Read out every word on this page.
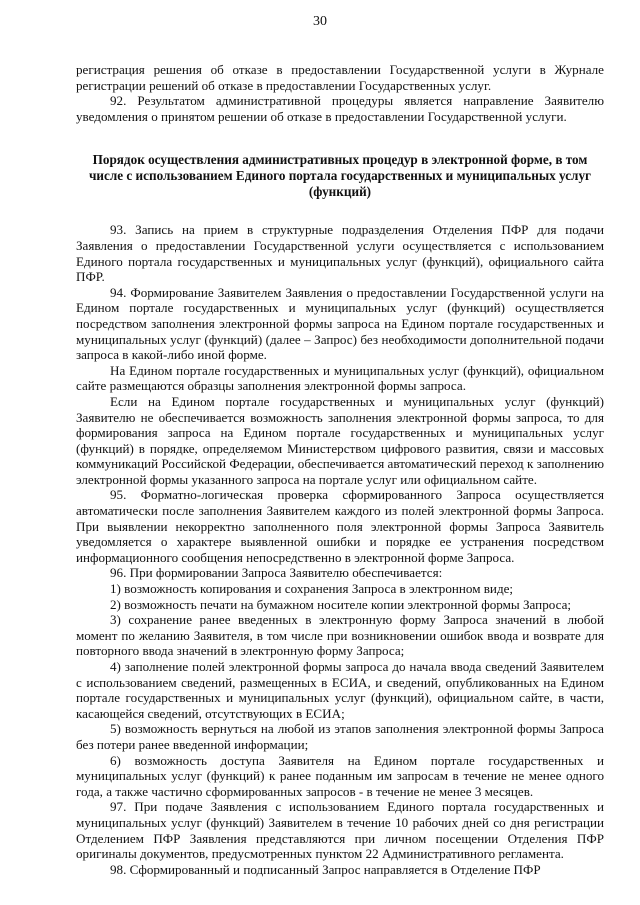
30

регистрация решения об отказе в предоставлении Государственной услуги в Журнале регистрации решений об отказе в предоставлении Государственных услуг.

92. Результатом административной процедуры является направление Заявителю уведомления о принятом решении об отказе в предоставлении Государственной услуги.

Порядок осуществления административных процедур в электронной форме, в том числе с использованием Единого портала государственных и муниципальных услуг (функций)

93. Запись на прием в структурные подразделения Отделения ПФР для подачи Заявления о предоставлении Государственной услуги осуществляется с использованием Единого портала государственных и муниципальных услуг (функций), официального сайта ПФР.

94. Формирование Заявителем Заявления о предоставлении Государственной услуги на Едином портале государственных и муниципальных услуг (функций) осуществляется посредством заполнения электронной формы запроса на Едином портале государственных и муниципальных услуг (функций) (далее – Запрос) без необходимости дополнительной подачи запроса в какой-либо иной форме.

На Едином портале государственных и муниципальных услуг (функций), официальном сайте размещаются образцы заполнения электронной формы запроса.

Если на Едином портале государственных и муниципальных услуг (функций) Заявителю не обеспечивается возможность заполнения электронной формы запроса, то для формирования запроса на Едином портале государственных и муниципальных услуг (функций) в порядке, определяемом Министерством цифрового развития, связи и массовых коммуникаций Российской Федерации, обеспечивается автоматический переход к заполнению электронной формы указанного запроса на портале услуг или официальном сайте.

95. Форматно-логическая проверка сформированного Запроса осуществляется автоматически после заполнения Заявителем каждого из полей электронной формы Запроса. При выявлении некорректно заполненного поля электронной формы Запроса Заявитель уведомляется о характере выявленной ошибки и порядке ее устранения посредством информационного сообщения непосредственно в электронной форме Запроса.

96. При формировании Запроса Заявителю обеспечивается:

1) возможность копирования и сохранения Запроса в электронном виде;

2) возможность печати на бумажном носителе копии электронной формы Запроса;

3) сохранение ранее введенных в электронную форму Запроса значений в любой момент по желанию Заявителя, в том числе при возникновении ошибок ввода и возврате для повторного ввода значений в электронную форму Запроса;

4) заполнение полей электронной формы запроса до начала ввода сведений Заявителем с использованием сведений, размещенных в ЕСИА, и сведений, опубликованных на Едином портале государственных и муниципальных услуг (функций), официальном сайте, в части, касающейся сведений, отсутствующих в ЕСИА;

5) возможность вернуться на любой из этапов заполнения электронной формы Запроса без потери ранее введенной информации;

6) возможность доступа Заявителя на Едином портале государственных и муниципальных услуг (функций) к ранее поданным им запросам в течение не менее одного года, а также частично сформированных запросов - в течение не менее 3 месяцев.

97. При подаче Заявления с использованием Единого портала государственных и муниципальных услуг (функций) Заявителем в течение 10 рабочих дней со дня регистрации Отделением ПФР Заявления представляются при личном посещении Отделения ПФР оригиналы документов, предусмотренных пунктом 22 Административного регламента.

98. Сформированный и подписанный Запрос направляется в Отделение ПФР
